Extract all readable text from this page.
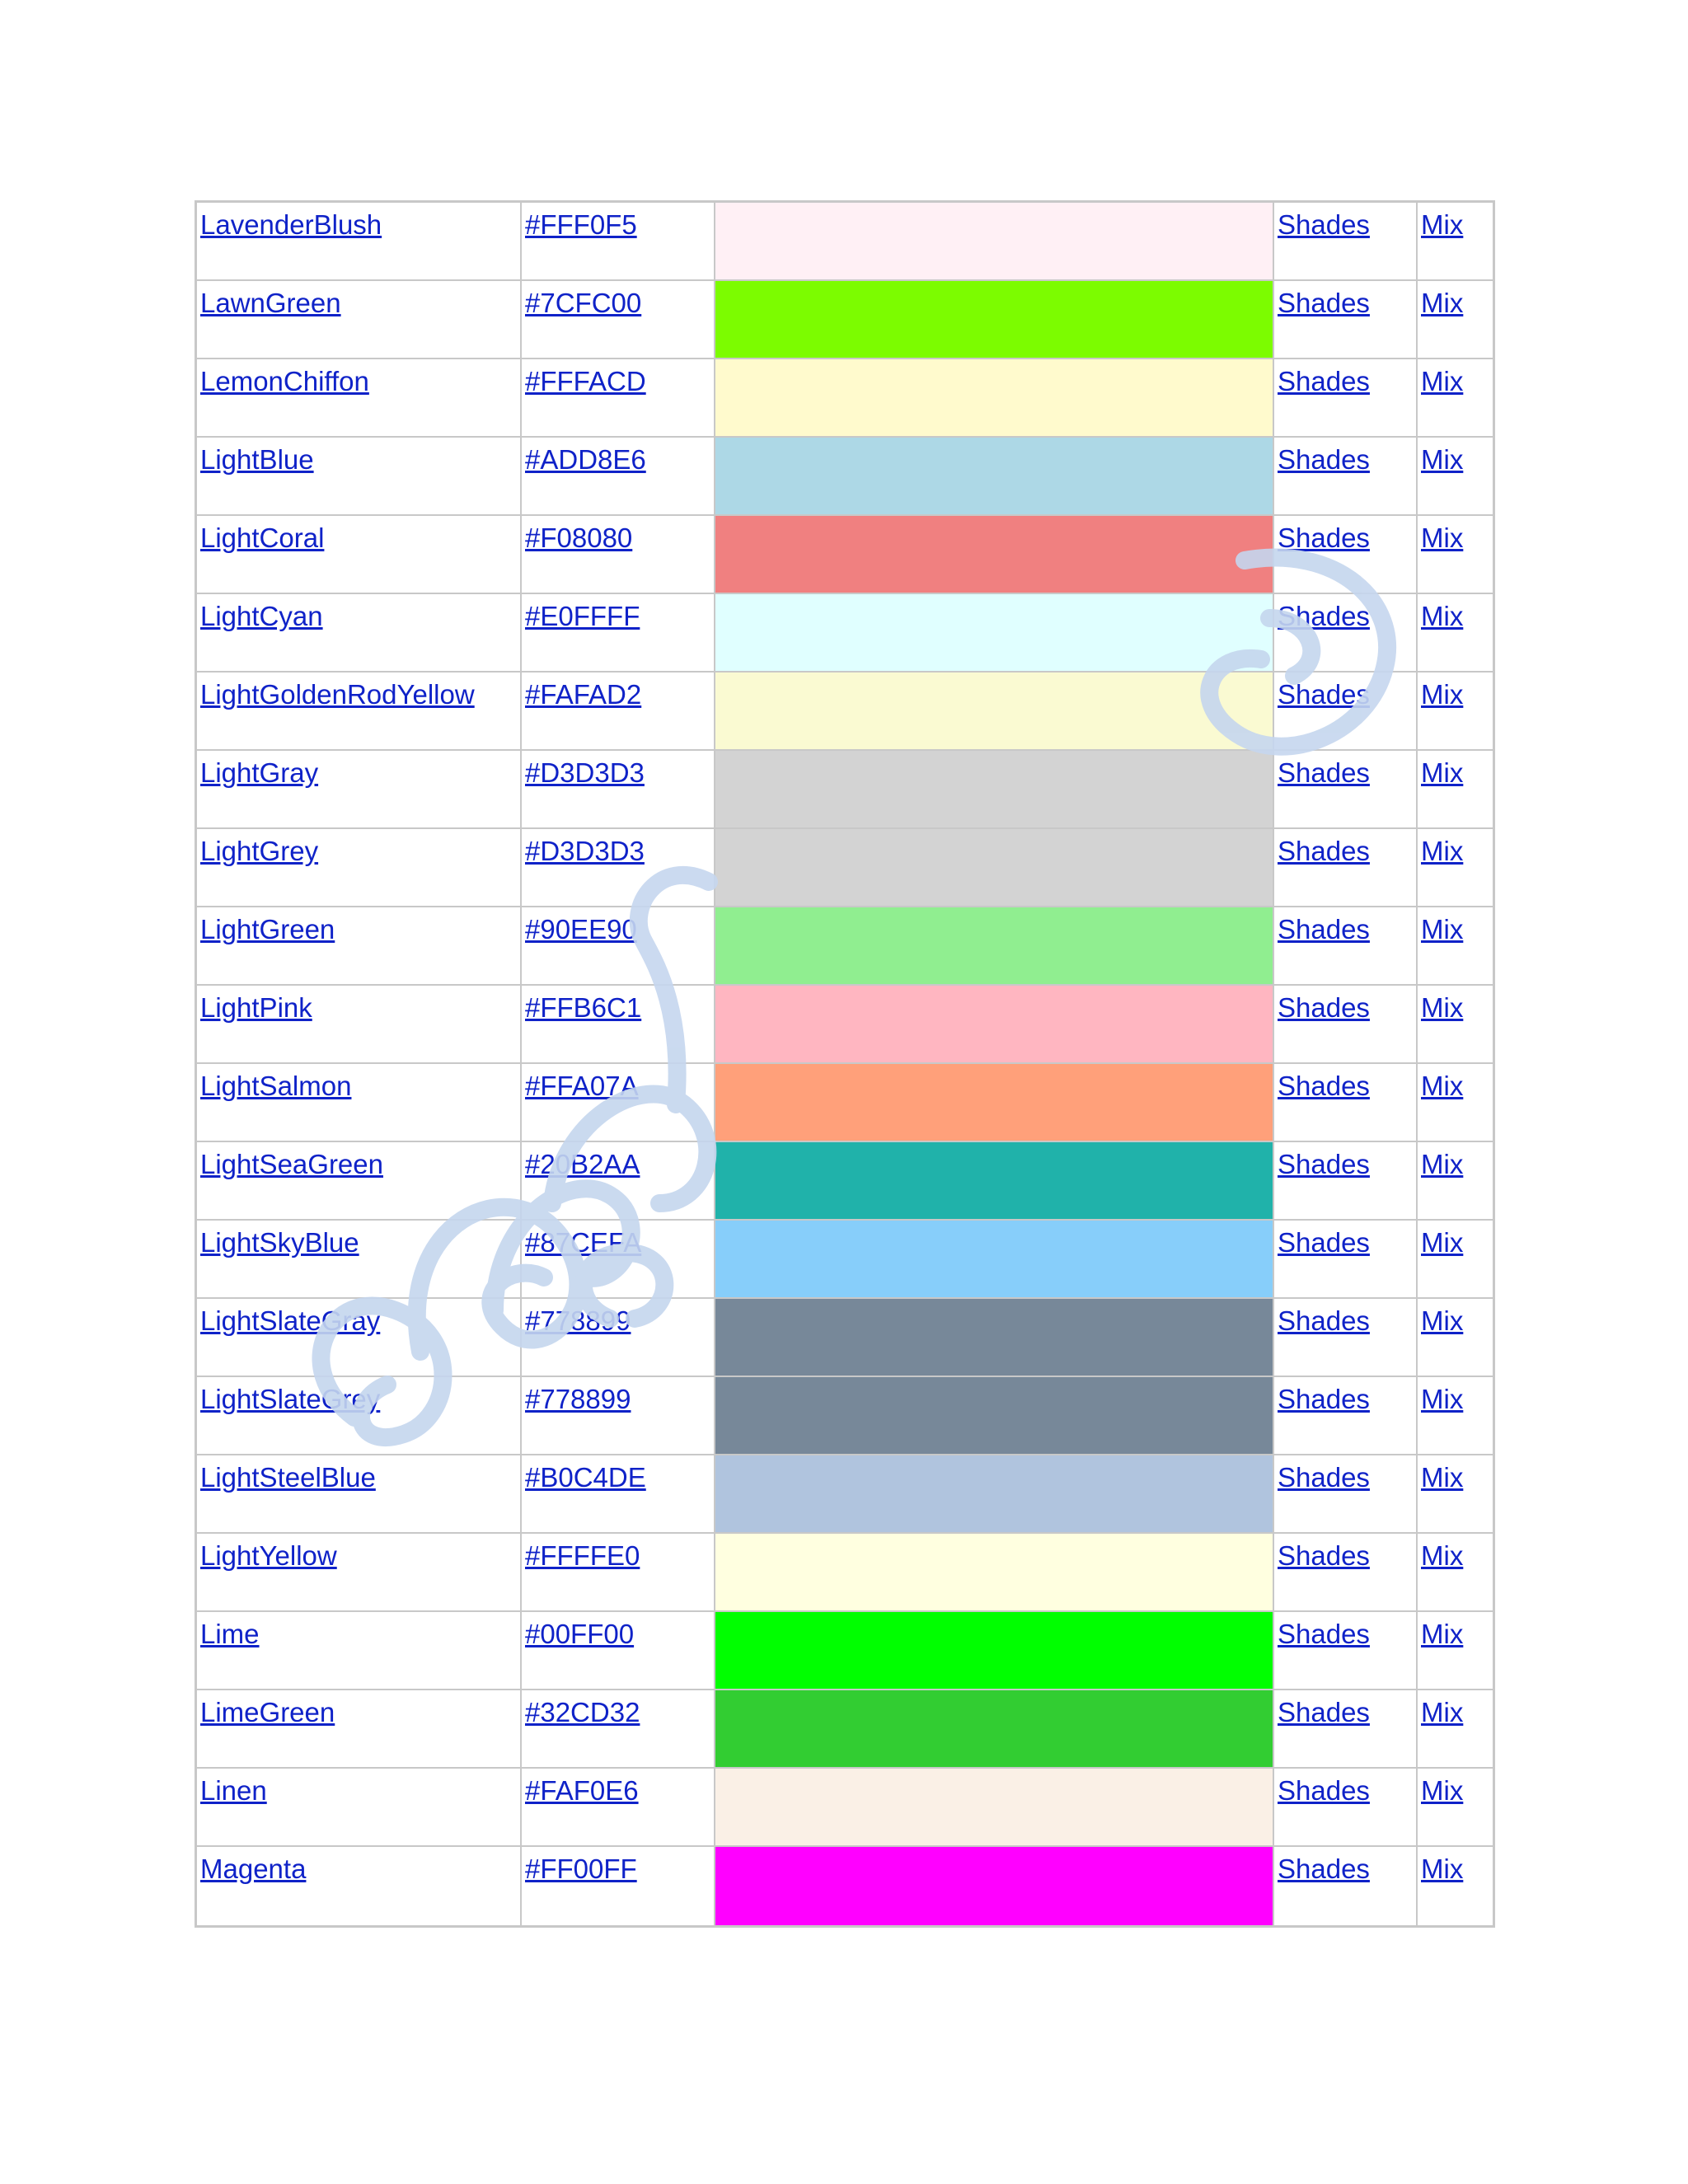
LavenderBlush	#FFF0F5		Shades	Mix

LawnGreen	#7CFC00		Shades	Mix

LemonChiffon	#FFFACD		Shades	Mix

LightBlue	#ADD8E6		Shades	Mix

LightCoral	#F08080		Shades	Mix

LightCyan	#E0FFFF		Shades	Mix

LightGoldenRodYellow	#FAFAD2		Shades	Mix

LightGray	#D3D3D3		Shades	Mix

LightGrey	#D3D3D3		Shades	Mix

LightGreen	#90EE90		Shades	Mix

LightPink	#FFB6C1		Shades	Mix

LightSalmon	#FFA07A		Shades	Mix

LightSeaGreen	#20B2AA		Shades	Mix

LightSkyBlue	#87CEFA		Shades	Mix

LightSlateGray	#778899		Shades	Mix

LightSlateGrey	#778899		Shades	Mix

LightSteelBlue	#B0C4DE		Shades	Mix

LightYellow	#FFFFE0		Shades	Mix

Lime	#00FF00		Shades	Mix

LimeGreen	#32CD32		Shades	Mix

Linen	#FAF0E6		Shades	Mix

Magenta	#FF00FF		Shades	Mix
